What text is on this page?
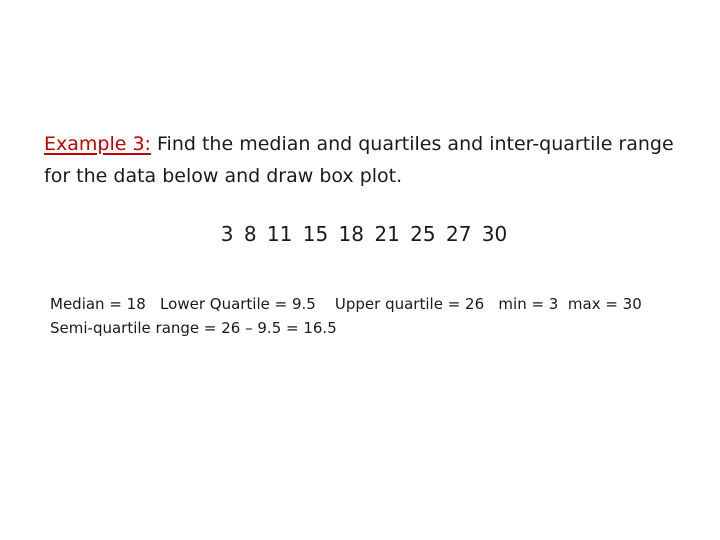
Example 3: Find the median and quartiles and inter-quartile range for the data below and draw box plot.

3 8 11 15 18 21 25 27 30

Median = 18   Lower Quartile = 9.5    Upper quartile = 26   min = 3  max = 30
Semi-quartile range = 26 – 9.5 = 16.5
